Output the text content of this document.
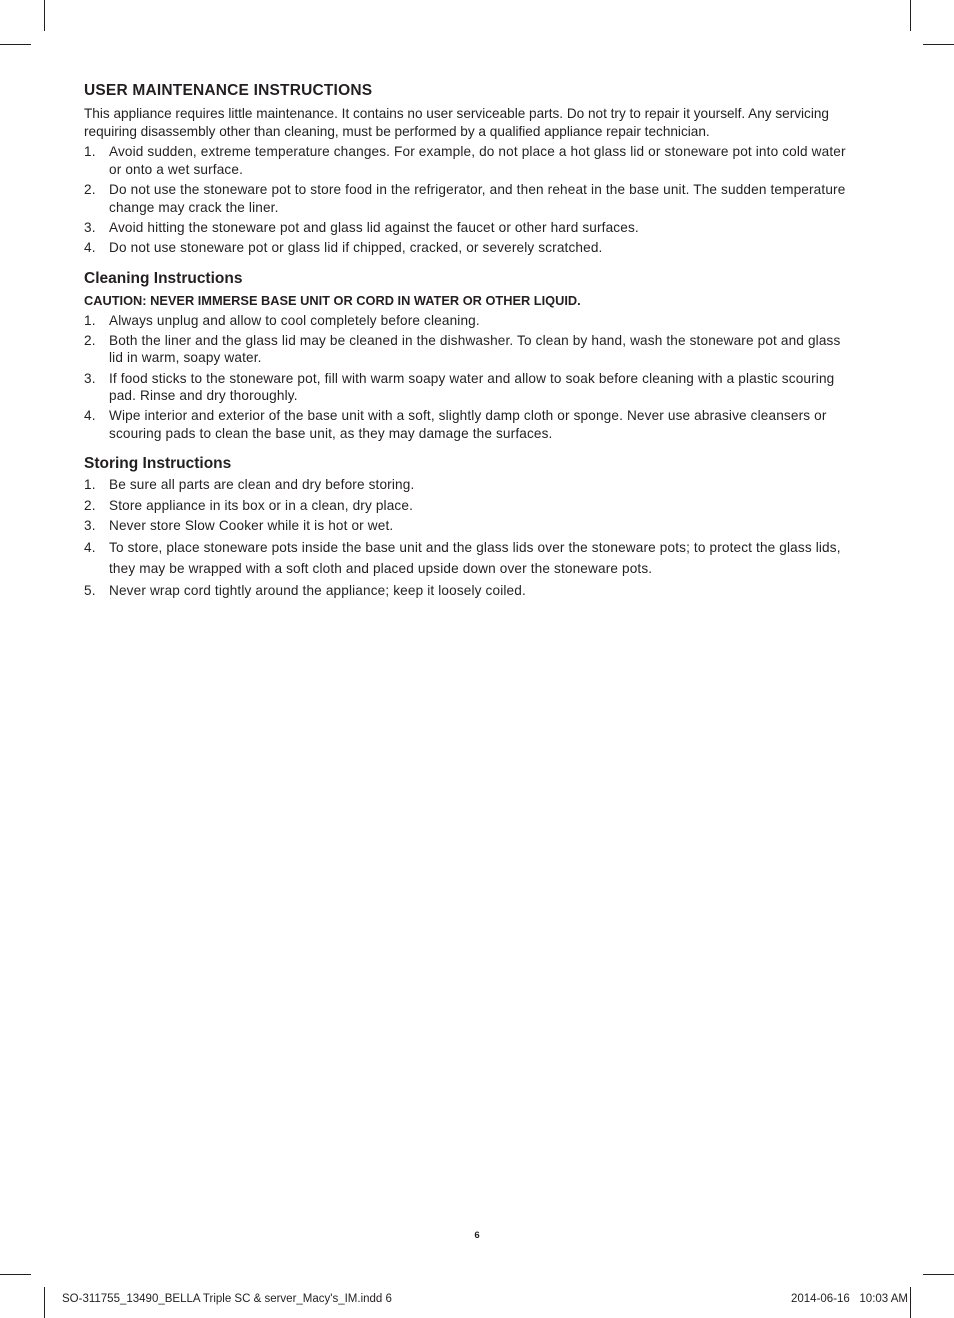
USER MAINTENANCE INSTRUCTIONS

This appliance requires little maintenance. It contains no user serviceable parts. Do not try to repair it yourself. Any servicing requiring disassembly other than cleaning, must be performed by a qualified appliance repair technician.

1. Avoid sudden, extreme temperature changes. For example, do not place a hot glass lid or stoneware pot into cold water or onto a wet surface.
2. Do not use the stoneware pot to store food in the refrigerator, and then reheat in the base unit. The sudden temperature change may crack the liner.
3. Avoid hitting the stoneware pot and glass lid against the faucet or other hard surfaces.
4. Do not use stoneware pot or glass lid if chipped, cracked, or severely scratched.
Cleaning Instructions

CAUTION: NEVER IMMERSE BASE UNIT OR CORD IN WATER OR OTHER LIQUID.

1. Always unplug and allow to cool completely before cleaning.
2. Both the liner and the glass lid may be cleaned in the dishwasher. To clean by hand, wash the stoneware pot and glass lid in warm, soapy water.
3. If food sticks to the stoneware pot, fill with warm soapy water and allow to soak before cleaning with a plastic scouring pad. Rinse and dry thoroughly.
4. Wipe interior and exterior of the base unit with a soft, slightly damp cloth or sponge. Never use abrasive cleansers or scouring pads to clean the base unit, as they may damage the surfaces.
Storing Instructions
1. Be sure all parts are clean and dry before storing.
2. Store appliance in its box or in a clean, dry place.
3. Never store Slow Cooker while it is hot or wet.
4. To store, place stoneware pots inside the base unit and the glass lids over the stoneware pots; to protect the glass lids, they may be wrapped with a soft cloth and placed upside down over the stoneware pots.
5. Never wrap cord tightly around the appliance; keep it loosely coiled.
6
SO-311755_13490_BELLA Triple SC & server_Macy's_IM.indd 6	2014-06-16   10:03 AM
